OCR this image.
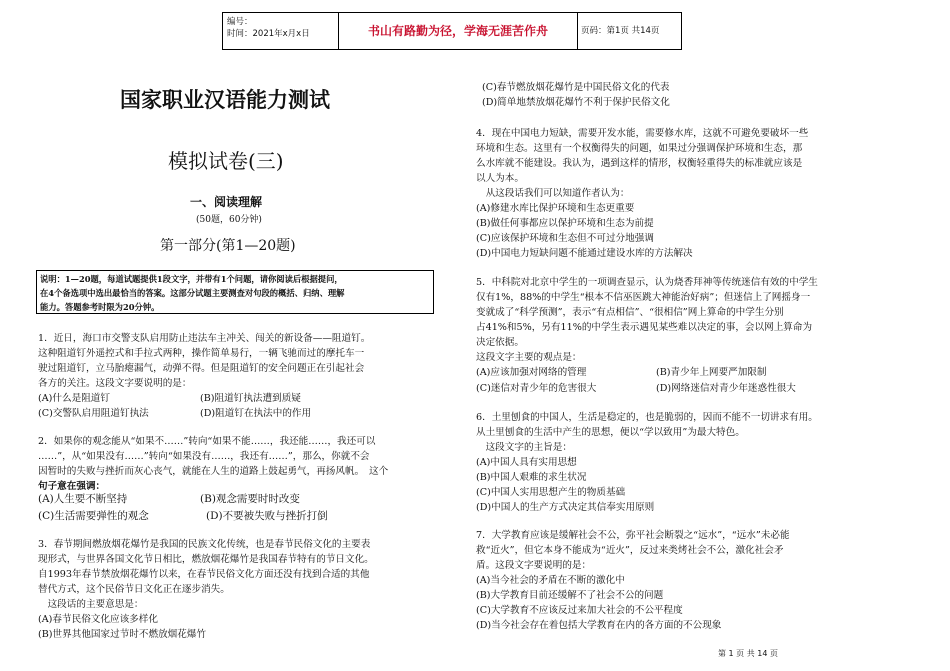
编号：
时间：2021年x月x日	书山有路勤为径，学海无涯苦作舟	页码：第1页 共14页
国家职业汉语能力测试
模拟试卷(三)
一、阅读理解
(50题，60分钟)
第一部分(第1—20题)
说明：1—20题，每道试题提供1段文字，并带有1个问题，请你阅读后根据提问，
在4个备选项中选出最恰当的答案。这部分试题主要测查对句段的概括、归纳、理解
能力。答题参考时限为20分钟。
1．近日，海口市交警支队启用防止违法车主冲关、闯关的新设备——阻道钉。
这种阻道钉外遥控式和手拉式两种，操作简单易行，一辆飞驰而过的摩托车一
驶过阻道钉，立马胎瘪漏气，动弹不得。但是阻道钉的安全问题正在引起社会
各方的关注。这段文字要说明的是：
(A)什么是阻道钉	(B)阻道钉执法遭到质疑
(C)交警队启用阻道钉执法	(D)阻道钉在执法中的作用
2．如果你的观念能从“如果不……”转向“如果不能……，我还能……，我还可以
……”，从“如果没有……”转向“如果没有……，我还有……”，那么，你就不会
因暂时的失败与挫折而灰心丧气，就能在人生的道路上鼓起勇气，再扬风帆。　这个
句子意在强调：
(A)人生要不断坚持	(B)观念需要时时改变
(C)生活需要弹性的观念	(D)不要被失败与挫折打倒
3．春节期间燃放烟花爆竹是我国的民族文化传统，也是春节民俗文化的主要表
现形式，与世界各国文化节日相比，燃放烟花爆竹是我国春节特有的节日文化。
自1993年春节禁放烟花爆竹以来，在春节民俗文化方面还没有找到合适的其他
替代方式，这个民俗节日文化正在逐步消失。
　这段话的主要意思是：
(A)春节民俗文化应该多样化
(B)世界其他国家过节时不燃放烟花爆竹
(C)春节燃放烟花爆竹是中国民俗文化的代表
(D)简单地禁放烟花爆竹不利于保护民俗文化
4．现在中国电力短缺，需要开发水能，需要修水库，这就不可避免要破坏一些
环境和生态。这里有一个权衡得失的问题，如果过分强调保护环境和生态，那
么水库就不能建设。我认为，遇到这样的情形，权衡轻重得失的标准就应该是
以人为本。
　从这段话我们可以知道作者认为：
(A)修建水库比保护环境和生态更重要
(B)做任何事都应以保护环境和生态为前提
(C)应该保护环境和生态但不可过分地强调
(D)中国电力短缺问题不能通过建设水库的方法解决
5．中科院对北京中学生的一项调查显示，认为烧香拜神等传统迷信有效的中学生
仅有1%，88%的中学生“根本不信巫医跳大神能治好病”；但迷信上了网摇身一
变就成了“科学预测”，表示“有点相信”、“很相信”网上算命的中学生分别
占41%和5%，另有11%的中学生表示遇见某些难以决定的事，会以网上算命为
决定依据。
这段文字主要的观点是：
(A)应该加强对网络的管理	(B)青少年上网要严加限制
(C)迷信对青少年的危害很大	(D)网络迷信对青少年迷惑性很大
6．土里刨食的中国人，生活是稳定的，也是脆弱的，因而不能不一切讲求有用。
从土里刨食的生活中产生的思想，便以“学以致用”为最大特色。
　这段文字的主旨是：
(A)中国人具有实用思想
(B)中国人艰难的求生状况
(C)中国人实用思想产生的物质基础
(D)中国人的生产方式决定其信奉实用原则
7．大学教育应该是缓解社会不公，弥平社会断裂之“远水”，“远水”未必能
救“近火”，但它本身不能成为“近火”，反过来类烤社会不公，激化社会矛
盾。这段文字要说明的是：
(A)当今社会的矛盾在不断的激化中
(B)大学教育目前还缓解不了社会不公的问题
(C)大学教育不应该反过来加大社会的不公平程度
(D)当今社会存在着包括大学教育在内的各方面的不公现象
第 1 页 共 14 页
